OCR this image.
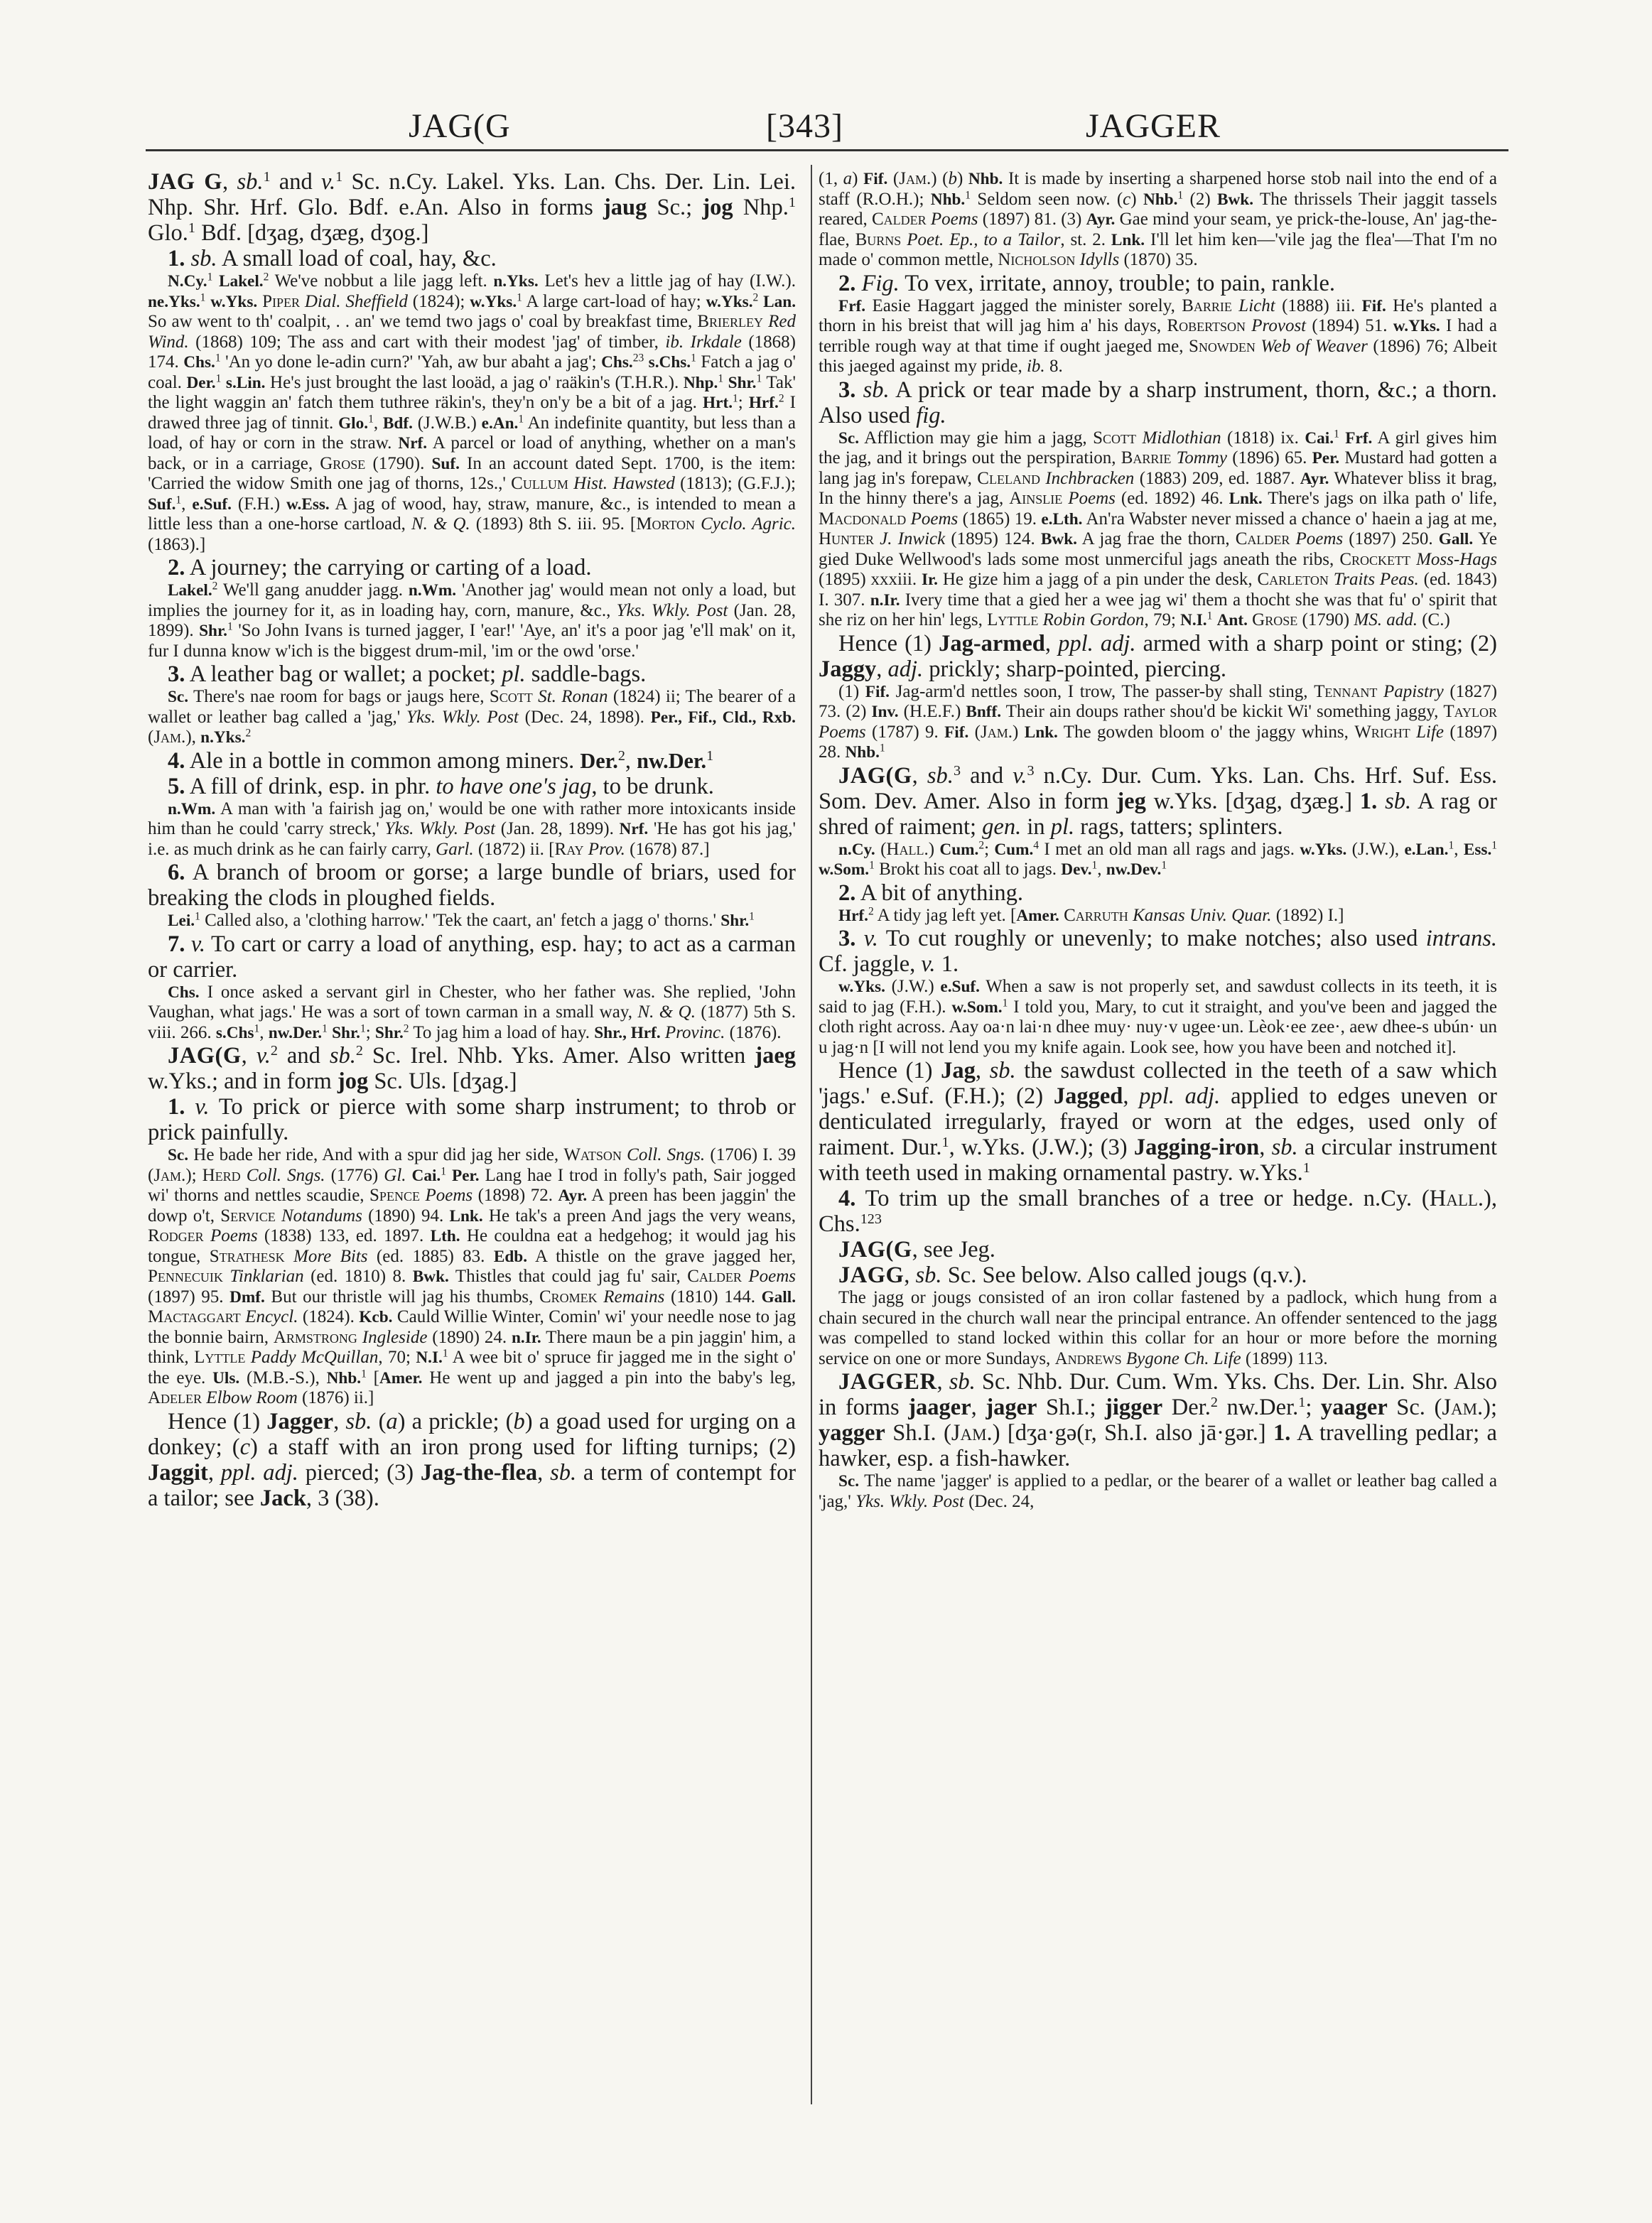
JAG(G	[343]	JAGGER

JAG G, sb.$^1$ and v.$^1$ Sc. n.Cy. Lakel. Yks. Lan. Chs. Der. Lin. Lei. Nhp. Shr. Hrf. Glo. Bdf. e.An. Also in forms jaug Sc.; jog Nhp.$^1$ Glo.$^1$ Bdf. [dʒag, dʒæg, dʒog.]

1. sb. A small load of coal, hay, &c.

N.Cy.$^1$ Lakel.$^2$ We've nobbut a lile jagg left. n.Yks. Let's hev a little jag of hay (I.W.). ne.Yks.$^1$ w.Yks. Piper Dial. Sheffield (1824); w.Yks.$^1$ A large cart-load of hay; w.Yks.$^2$ Lan. So aw went to th' coalpit, . . an' we temd two jags o' coal by breakfast time, Brierley Red Wind. (1868) 109; The ass and cart with their modest 'jag' of timber, ib. Irkdale (1868) 174. Chs.$^1$ 'An yo done le-adin curn?' 'Yah, aw bur abaht a jag'; Chs.$^{23}$ s.Chs.$^1$ Fatch a jag o' coal. Der.$^1$ s.Lin. He's just brought the last looäd, a jag o' raäkin's (T.H.R.). Nhp.$^1$ Shr.$^1$ Tak' the light waggin an' fatch them tuthree räkin's, they'n on'y be a bit of a jag. Hrt.$^1$; Hrf.$^2$ I drawed three jag of tinnit. Glo.$^1$, Bdf. (J.W.B.) e.An.$^1$ An indefinite quantity, but less than a load, of hay or corn in the straw. Nrf. A parcel or load of anything, whether on a man's back, or in a carriage, Grose (1790). Suf. In an account dated Sept. 1700, is the item: 'Carried the widow Smith one jag of thorns, 12s.,' Cullum Hist. Hawsted (1813); (G.F.J.); Suf.$^1$, e.Suf. (F.H.) w.Ess. A jag of wood, hay, straw, manure, &c., is intended to mean a little less than a one-horse cartload, N. & Q. (1893) 8th S. iii. 95. [Morton Cyclo. Agric. (1863).]

2. A journey; the carrying or carting of a load.

Lakel.$^2$ We'll gang anudder jagg. n.Wm. 'Another jag' would mean not only a load, but implies the journey for it, as in loading hay, corn, manure, &c., Yks. Wkly. Post (Jan. 28, 1899). Shr.$^1$ 'So John Ivans is turned jagger, I 'ear!' 'Aye, an' it's a poor jag 'e'll mak' on it, fur I dunna know w'ich is the biggest drum-mil, 'im or the owd 'orse.'

3. A leather bag or wallet; a pocket; pl. saddle-bags.

Sc. There's nae room for bags or jaugs here, Scott St. Ronan (1824) ii; The bearer of a wallet or leather bag called a 'jag,' Yks. Wkly. Post (Dec. 24, 1898). Per., Fif., Cld., Rxb. (Jam.), n.Yks.$^2$

4. Ale in a bottle in common among miners. Der.$^2$, nw.Der.$^1$

5. A fill of drink, esp. in phr. to have one's jag, to be drunk.

n.Wm. A man with 'a fairish jag on,' would be one with rather more intoxicants inside him than he could 'carry streck,' Yks. Wkly. Post (Jan. 28, 1899). Nrf. 'He has got his jag,' i.e. as much drink as he can fairly carry, Garl. (1872) ii. [Ray Prov. (1678) 87.]

6. A branch of broom or gorse; a large bundle of briars, used for breaking the clods in ploughed fields.

Lei.$^1$ Called also, a 'clothing harrow.' 'Tek the caart, an' fetch a jagg o' thorns.' Shr.$^1$

7. v. To cart or carry a load of anything, esp. hay; to act as a carman or carrier.

Chs. I once asked a servant girl in Chester, who her father was. She replied, 'John Vaughan, what jags.' He was a sort of town carman in a small way, N. & Q. (1877) 5th S. viii. 266. s.Chs$^1$, nw.Der.$^1$ Shr.$^1$; Shr.$^2$ To jag him a load of hay. Shr., Hrf. Provinc. (1876).

JAG(G, v.$^2$ and sb.$^2$ Sc. Irel. Nhb. Yks. Amer. Also written jaeg w.Yks.; and in form jog Sc. Uls. [dʒag.]

1. v. To prick or pierce with some sharp instrument; to throb or prick painfully.

Sc. He bade her ride, And with a spur did jag her side, Watson Coll. Sngs. (1706) I. 39 (Jam.); Herd Coll. Sngs. (1776) Gl. Cai.$^1$ Per. Lang hae I trod in folly's path, Sair jogged wi' thorns and nettles scaudie, Spence Poems (1898) 72. Ayr. A preen has been jaggin' the dowp o't, Service Notandums (1890) 94. Lnk. He tak's a preen And jags the very weans, Rodger Poems (1838) 133, ed. 1897. Lth. He couldna eat a hedgehog; it would jag his tongue, Strathesk More Bits (ed. 1885) 83. Edb. A thistle on the grave jagged her, Pennecuik Tinklarian (ed. 1810) 8. Bwk. Thistles that could jag fu' sair, Calder Poems (1897) 95. Dmf. But our thristle will jag his thumbs, Cromek Remains (1810) 144. Gall. Mactaggart Encycl. (1824). Kcb. Cauld Willie Winter, Comin' wi' your needle nose to jag the bonnie bairn, Armstrong Ingleside (1890) 24. n.Ir. There maun be a pin jaggin' him, a think, Lyttle Paddy McQuillan, 70; N.I.$^1$ A wee bit o' spruce fir jagged me in the sight o' the eye. Uls. (M.B.-S.), Nhb.$^1$ [Amer. He went up and jagged a pin into the baby's leg, Adeler Elbow Room (1876) ii.]

Hence (1) Jagger, sb. (a) a prickle; (b) a goad used for urging on a donkey; (c) a staff with an iron prong used for lifting turnips; (2) Jaggit, ppl. adj. pierced; (3) Jag-the-flea, sb. a term of contempt for a tailor; see Jack, 3 (38).

(1, a) Fif. (Jam.) (b) Nhb. It is made by inserting a sharpened horse stob nail into the end of a staff (R.O.H.); Nhb.$^1$ Seldom seen now. (c) Nhb.$^1$ (2) Bwk. The thrissels Their jaggit tassels reared, Calder Poems (1897) 81. (3) Ayr. Gae mind your seam, ye prick-the-louse, An' jag-the-flae, Burns Poet. Ep., to a Tailor, st. 2. Lnk. I'll let him ken—'vile jag the flea'—That I'm no made o' common mettle, Nicholson Idylls (1870) 35.

2. Fig. To vex, irritate, annoy, trouble; to pain, rankle.

Frf. Easie Haggart jagged the minister sorely, Barrie Licht (1888) iii. Fif. He's planted a thorn in his breist that will jag him a' his days, Robertson Provost (1894) 51. w.Yks. I had a terrible rough way at that time if ought jaeged me, Snowden Web of Weaver (1896) 76; Albeit this jaeged against my pride, ib. 8.

3. sb. A prick or tear made by a sharp instrument, thorn, &c.; a thorn. Also used fig.

Sc. Affliction may gie him a jagg, Scott Midlothian (1818) ix. Cai.$^1$ Frf. A girl gives him the jag, and it brings out the perspiration, Barrie Tommy (1896) 65. Per. Mustard had gotten a lang jag in's forepaw, Cleland Inchbracken (1883) 209, ed. 1887. Ayr. Whatever bliss it brag, In the hinny there's a jag, Ainslie Poems (ed. 1892) 46. Lnk. There's jags on ilka path o' life, Macdonald Poems (1865) 19. e.Lth. An'ra Wabster never missed a chance o' haein a jag at me, Hunter J. Inwick (1895) 124. Bwk. A jag frae the thorn, Calder Poems (1897) 250. Gall. Ye gied Duke Wellwood's lads some most unmerciful jags aneath the ribs, Crockett Moss-Hags (1895) xxxiii. Ir. He gize him a jagg of a pin under the desk, Carleton Traits Peas. (ed. 1843) I. 307. n.Ir. Ivery time that a gied her a wee jag wi' them a thocht she was that fu' o' spirit that she riz on her hin' legs, Lyttle Robin Gordon, 79; N.I.$^1$ Ant. Grose (1790) MS. add. (C.)

Hence (1) Jag-armed, ppl. adj. armed with a sharp point or sting; (2) Jaggy, adj. prickly; sharp-pointed, piercing.

(1) Fif. Jag-arm'd nettles soon, I trow, The passer-by shall sting, Tennant Papistry (1827) 73. (2) Inv. (H.E.F.) Bnff. Their ain doups rather shou'd be kickit Wi' something jaggy, Taylor Poems (1787) 9. Fif. (Jam.) Lnk. The gowden bloom o' the jaggy whins, Wright Life (1897) 28. Nhb.$^1$

JAG(G, sb.$^3$ and v.$^3$ n.Cy. Dur. Cum. Yks. Lan. Chs. Hrf. Suf. Ess. Som. Dev. Amer. Also in form jeg w.Yks. [dʒag, dʒæg.] 1. sb. A rag or shred of raiment; gen. in pl. rags, tatters; splinters.

n.Cy. (Hall.) Cum.$^2$; Cum.$^4$ I met an old man all rags and jags. w.Yks. (J.W.), e.Lan.$^1$, Ess.$^1$ w.Som.$^1$ Brokt his coat all to jags. Dev.$^1$, nw.Dev.$^1$

2. A bit of anything.

Hrf.$^2$ A tidy jag left yet. [Amer. Carruth Kansas Univ. Quar. (1892) I.]

3. v. To cut roughly or unevenly; to make notches; also used intrans. Cf. jaggle, v. 1.

w.Yks. (J.W.) e.Suf. When a saw is not properly set, and sawdust collects in its teeth, it is said to jag (F.H.). w.Som.$^1$ I told you, Mary, to cut it straight, and you've been and jagged the cloth right across. Aay oa·n lai·n dhee muy· nuy·v ugee·un. Lèok·ee zee·, aew dhee-s ubún· un u jag·n [I will not lend you my knife again. Look see, how you have been and notched it].

Hence (1) Jag, sb. the sawdust collected in the teeth of a saw which 'jags.' e.Suf. (F.H.); (2) Jagged, ppl. adj. applied to edges uneven or denticulated irregularly, frayed or worn at the edges, used only of raiment. Dur.$^1$, w.Yks. (J.W.); (3) Jagging-iron, sb. a circular instrument with teeth used in making ornamental pastry. w.Yks.$^1$

4. To trim up the small branches of a tree or hedge. n.Cy. (Hall.), Chs.$^{123}$

JAG(G, see Jeg.

JAGG, sb. Sc. See below. Also called jougs (q.v.).

The jagg or jougs consisted of an iron collar fastened by a padlock, which hung from a chain secured in the church wall near the principal entrance. An offender sentenced to the jagg was compelled to stand locked within this collar for an hour or more before the morning service on one or more Sundays, Andrews Bygone Ch. Life (1899) 113.

JAGGER, sb. Sc. Nhb. Dur. Cum. Wm. Yks. Chs. Der. Lin. Shr. Also in forms jaager, jager Sh.I.; jigger Der.$^2$ nw.Der.$^1$; yaager Sc. (Jam.); yagger Sh.I. (Jam.) [dʒa·gə(r, Sh.I. also jā·gər.] 1. A travelling pedlar; a hawker, esp. a fish-hawker.

Sc. The name 'jagger' is applied to a pedlar, or the bearer of a wallet or leather bag called a 'jag,' Yks. Wkly. Post (Dec. 24,
